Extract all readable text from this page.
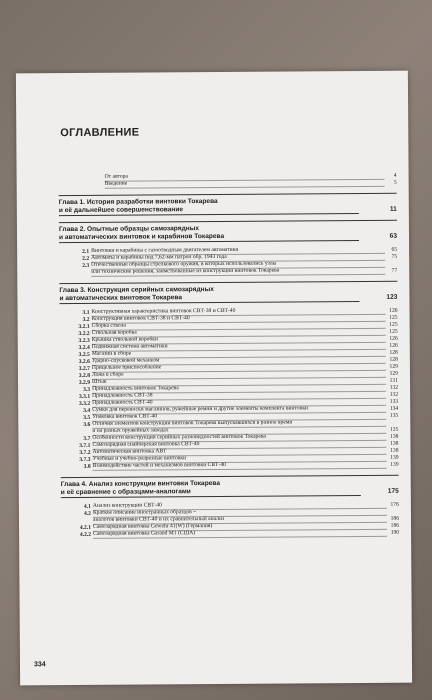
ОГЛАВЛЕНИЕ
От автора	4
Введение	5
Глава 1. История разработки винтовки Токарева
и её дальнейшее совершенствование	11
Глава 2. Опытные образцы самозарядных
и автоматических винтовок и карабинов Токарева	63
2.1 Винтовки и карабины с газоотводным двигателем автоматики	65
2.2 Автоматы и карабины под 7,62-мм патрон обр. 1943 года	75
2.3 Отечественные образцы стрелкового оружия, в которых использовались узлы
или технические решения, заимствованные из конструкции винтовок Токарева	77
Глава 3. Конструкция серийных самозарядных
и автоматических винтовок Токарева	123
3.1 Конструктивная характеристика винтовок СВТ-38 и СВТ-40	126
3.2 Конструкция винтовок СВТ-38 и СВТ-40	125
3.2.1 Сборка ствола	125
3.2.2 Ствольная коробка	125
3.2.3 Крышка ствольной коробки	126
3.2.4 Подвижная система автоматики	126
3.2.5 Магазин в сборе	128
3.2.6 Ударно-спусковой механизм	128
3.2.7 Прицельное приспособление	129
3.2.8 Ложа в сборе	129
3.2.9 Штык	131
3.3 Принадлежность винтовок Токарева	132
3.3.1 Принадлежность СВТ-38	132
3.3.2 Принадлежность СВТ-40	133
3.4 Сумки для переноски магазинов, ружейные ремни и другие элементы комплекта винтовки	134
3.5 Упаковка винтовок СВТ-40	135
3.6 Отличия элементов конструкции винтовок Токарева выпускавшихся в разное время
и на разных оружейных заводах	135
3.7 Особенности конструкции серийных разновидностей винтовок Токарева	138
3.7.1 Самозарядная снайперская винтовка СВТ-40	138
3.7.2 Автоматическая винтовка АВТ	138
3.7.3 Учебные и учебно-разрезные винтовки	139
3.8 Взаимодействие частей и механизмов винтовки СВТ-40	139
Глава 4. Анализ конструкции винтовки Токарева
и её сравнение с образцами-аналогами	175
4.1 Анализ конструкции СВТ-40	176
4.2 Краткое описание иностранных образцов –
аналогов винтовки СВТ-40 и их сравнительный анализ	186
4.2.1 Самозарядная винтовка Gewehr 41(W) (Германия)	186
4.2.2 Самозарядная винтовка Garand M1 (США)	190
334
